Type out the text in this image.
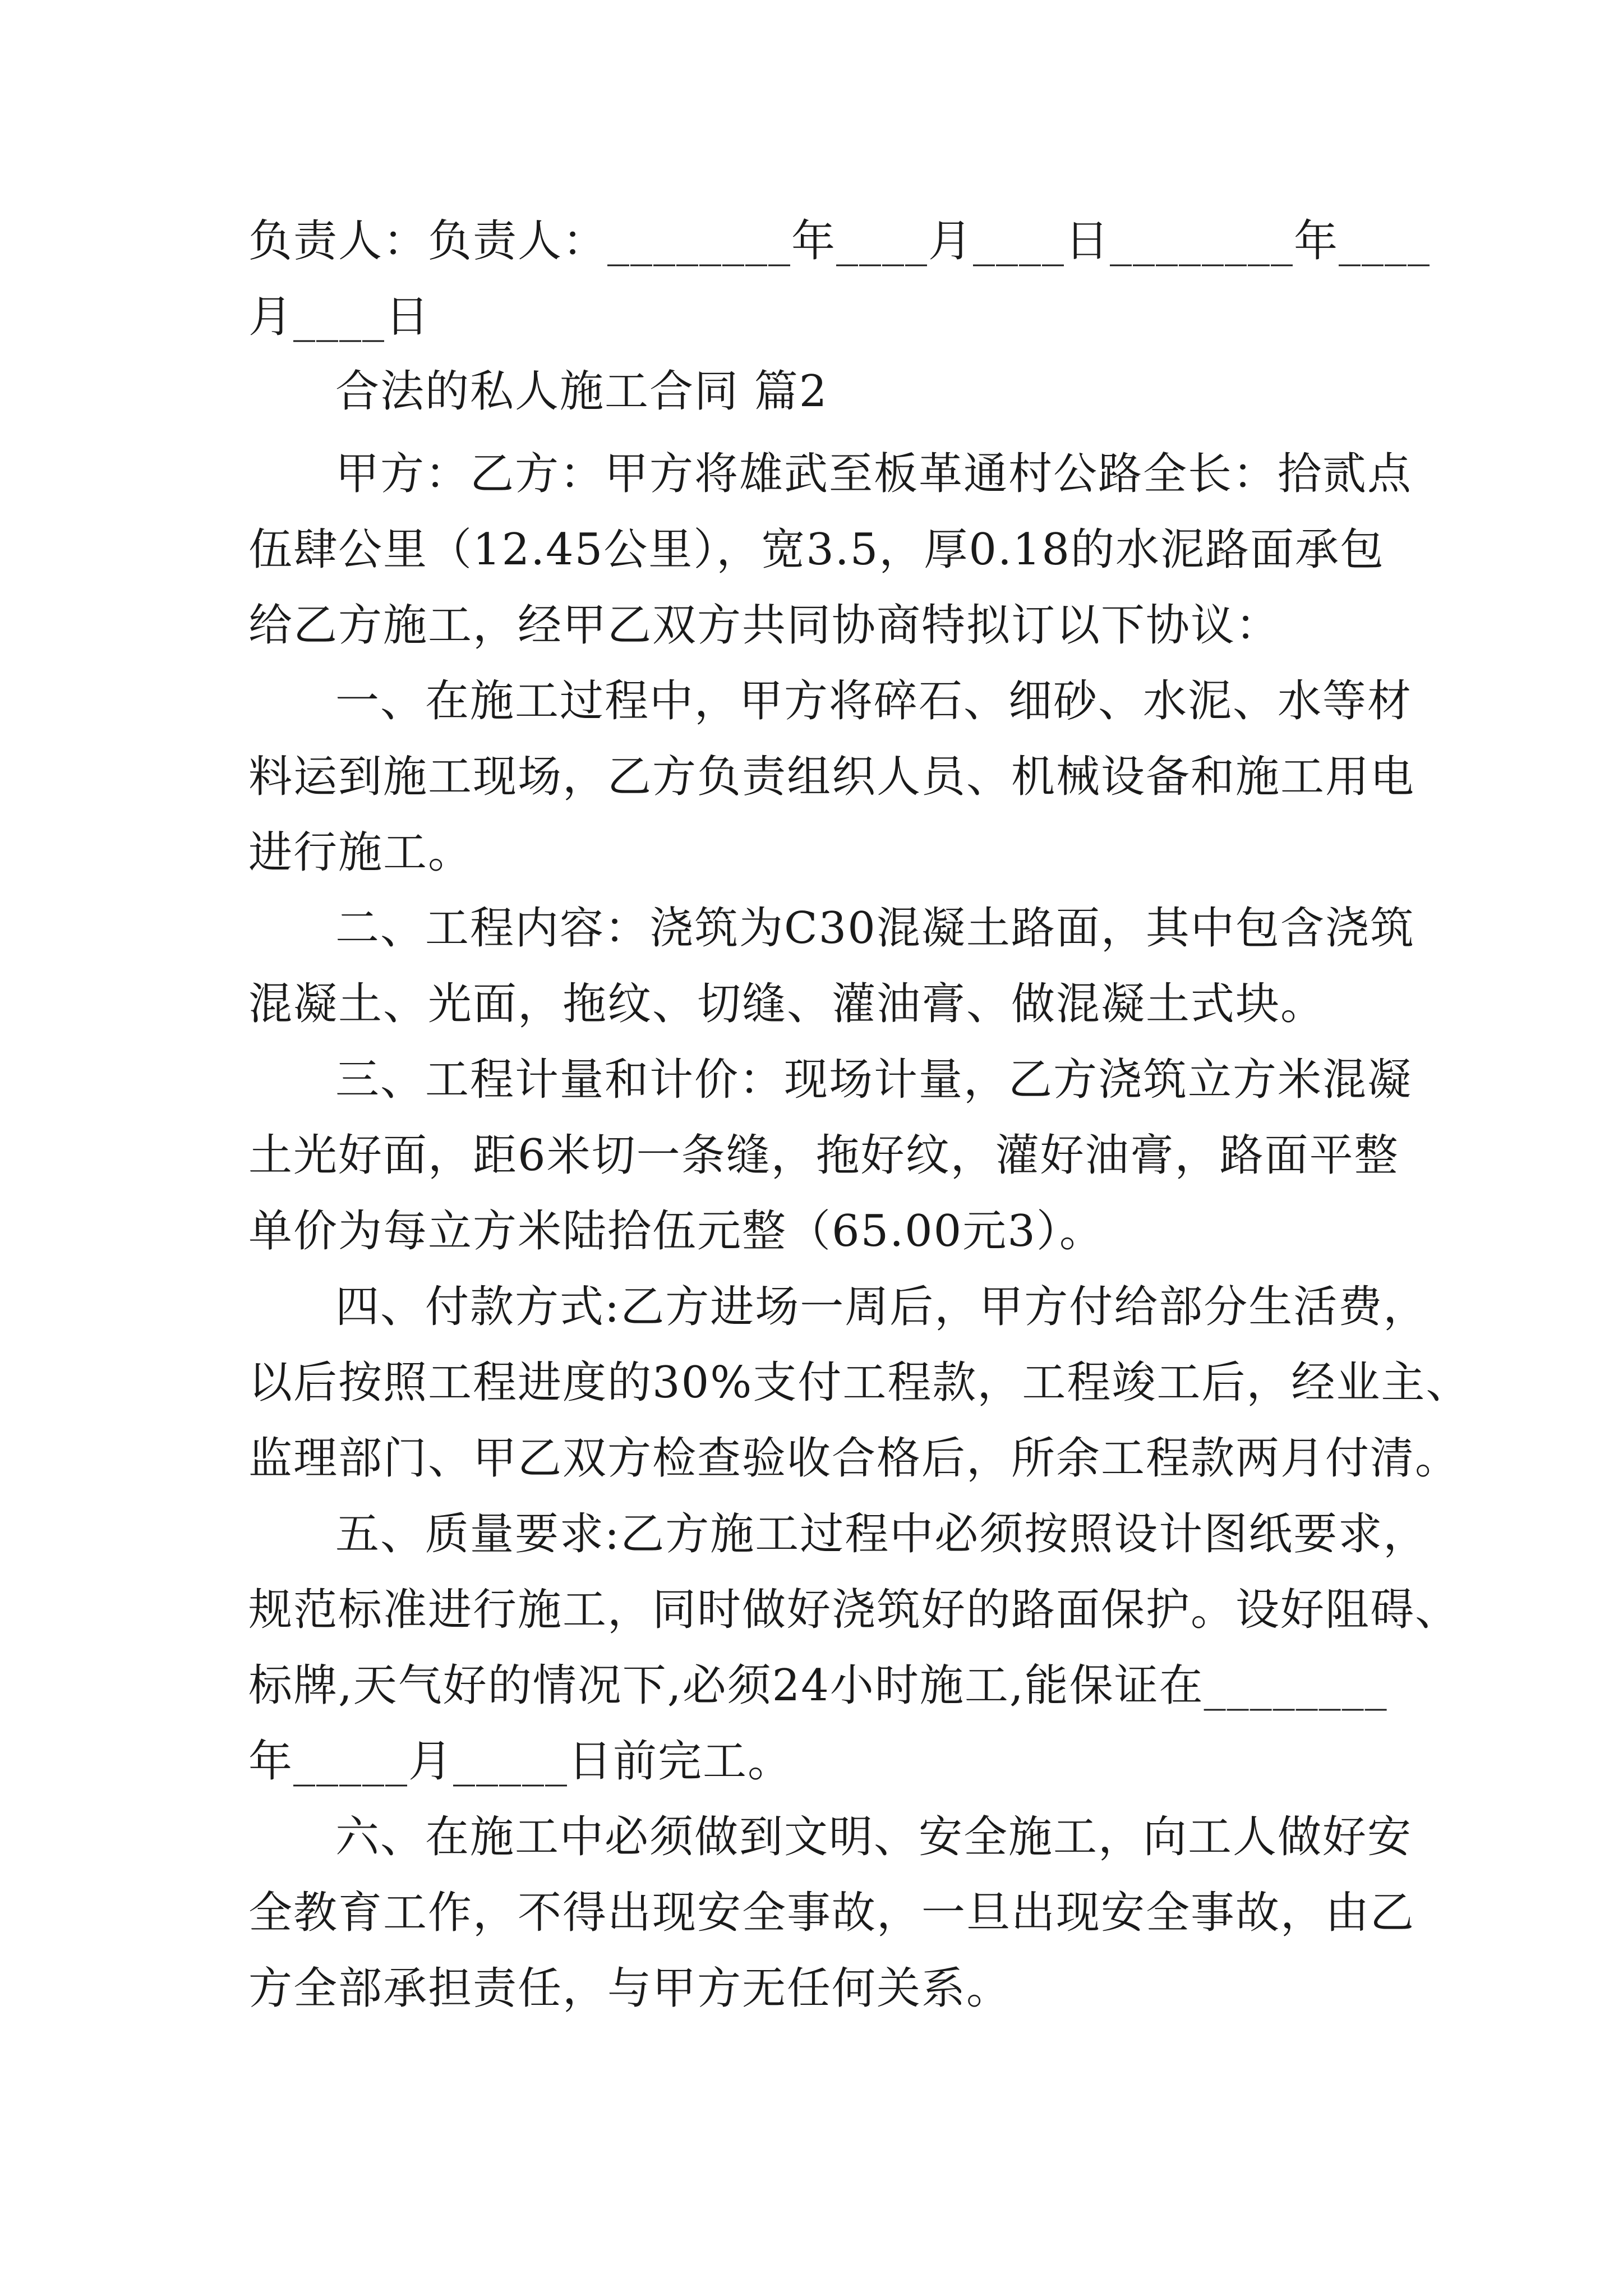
负责人：负责人：________年____月____日________年____
月____日
合法的私人施工合同 篇2
甲方：乙方：甲方将雄武至板革通村公路全长：拾贰点
伍肆公里（12.45公里），宽3.5，厚0.18的水泥路面承包
给乙方施工，经甲乙双方共同协商特拟订以下协议：
一、在施工过程中，甲方将碎石、细砂、水泥、水等材
料运到施工现场，乙方负责组织人员、机械设备和施工用电
进行施工。
二、工程内容：浇筑为C30混凝土路面，其中包含浇筑
混凝土、光面，拖纹、切缝、灌油膏、做混凝土式块。
三、工程计量和计价：现场计量，乙方浇筑立方米混凝
土光好面，距6米切一条缝，拖好纹，灌好油膏，路面平整
单价为每立方米陆拾伍元整（65.00元3）。
四、付款方式:乙方进场一周后，甲方付给部分生活费，
以后按照工程进度的30%支付工程款，工程竣工后，经业主、
监理部门、甲乙双方检查验收合格后，所余工程款两月付清。
五、质量要求:乙方施工过程中必须按照设计图纸要求，
规范标准进行施工，同时做好浇筑好的路面保护。设好阻碍、
标牌,天气好的情况下,必须24小时施工,能保证在________
年_____月_____日前完工。
六、在施工中必须做到文明、安全施工，向工人做好安
全教育工作，不得出现安全事故，一旦出现安全事故，由乙
方全部承担责任，与甲方无任何关系。
